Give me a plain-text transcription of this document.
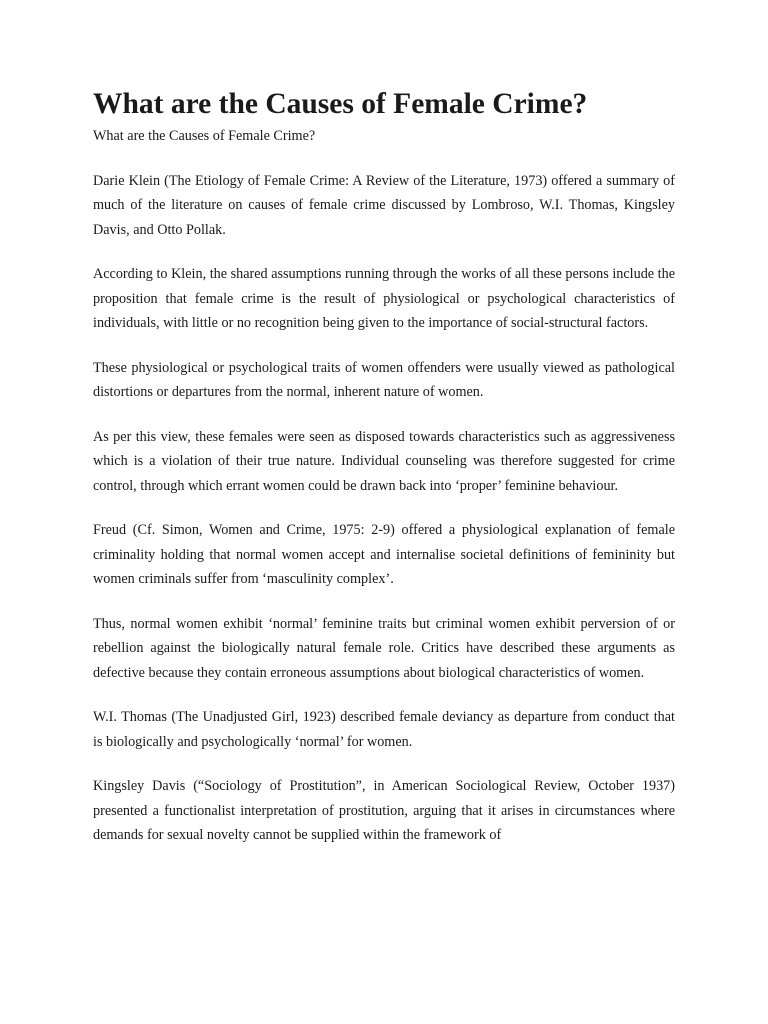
What are the Causes of Female Crime?

What are the Causes of Female Crime?

Darie Klein (The Etiology of Female Crime: A Review of the Literature, 1973) offered a summary of much of the literature on causes of female crime discussed by Lombroso, W.I. Thomas, Kingsley Davis, and Otto Pollak.

According to Klein, the shared assumptions running through the works of all these persons include the proposition that female crime is the result of physiological or psychological characteristics of individuals, with little or no recognition being given to the importance of social-structural factors.

These physiological or psychological traits of women offenders were usually viewed as pathological distortions or departures from the normal, inherent nature of women.

As per this view, these females were seen as disposed towards characteristics such as aggressiveness which is a violation of their true nature. Individual counseling was therefore suggested for crime control, through which errant women could be drawn back into ‘proper’ feminine behaviour.

Freud (Cf. Simon, Women and Crime, 1975: 2-9) offered a physiological explanation of female criminality holding that normal women accept and internalise societal definitions of femininity but women criminals suffer from ‘masculinity complex’.

Thus, normal women exhibit ‘normal’ feminine traits but criminal women exhibit perversion of or rebellion against the biologically natural female role. Critics have described these arguments as defective because they contain erroneous assumptions about biological characteristics of women.

W.I. Thomas (The Unadjusted Girl, 1923) described female deviancy as departure from conduct that is biologically and psychologically ‘normal’ for women.

Kingsley Davis (“Sociology of Prostitution”, in American Sociological Review, October 1937) presented a functionalist interpretation of prostitution, arguing that it arises in circumstances where demands for sexual novelty cannot be supplied within the framework of
